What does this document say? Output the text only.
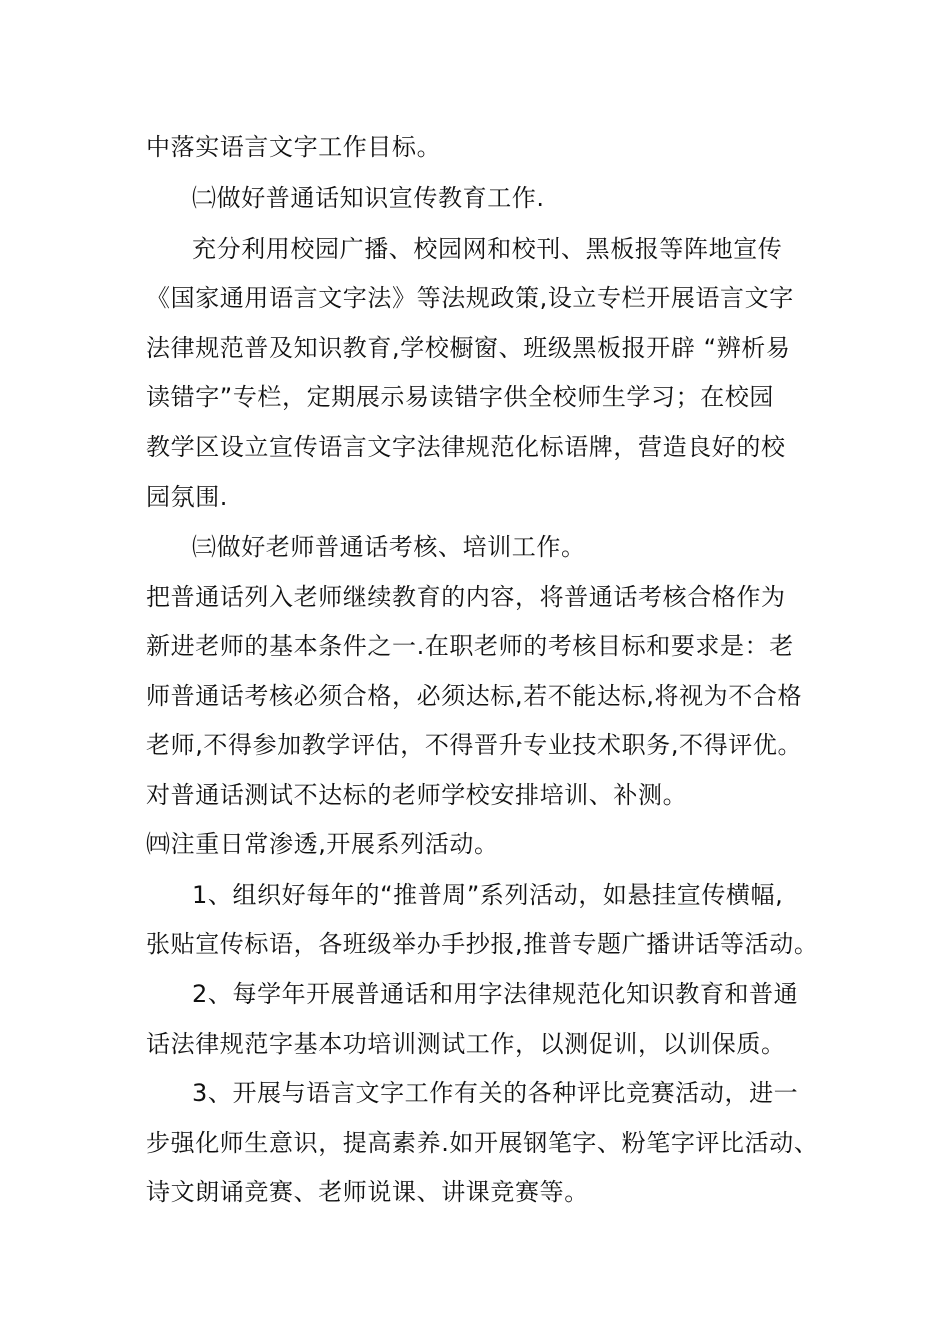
中落实语言文字工作目标。
㈡做好普通话知识宣传教育工作.
充分利用校园广播、校园网和校刊、黑板报等阵地宣传
《国家通用语言文字法》等法规政策,设立专栏开展语言文字
法律规范普及知识教育,学校橱窗、班级黑板报开辟 “辨析易
读错字”专栏，定期展示易读错字供全校师生学习；在校园
教学区设立宣传语言文字法律规范化标语牌，营造良好的校
园氛围.
㈢做好老师普通话考核、培训工作。
把普通话列入老师继续教育的内容，将普通话考核合格作为
新进老师的基本条件之一.在职老师的考核目标和要求是：老
师普通话考核必须合格，必须达标,若不能达标,将视为不合格
老师,不得参加教学评估，不得晋升专业技术职务,不得评优。
对普通话测试不达标的老师学校安排培训、补测。
㈣注重日常渗透,开展系列活动。
1、组织好每年的“推普周”系列活动，如悬挂宣传横幅,
张贴宣传标语，各班级举办手抄报,推普专题广播讲话等活动。
2、每学年开展普通话和用字法律规范化知识教育和普通
话法律规范字基本功培训测试工作，以测促训，以训保质。
3、开展与语言文字工作有关的各种评比竞赛活动，进一
步强化师生意识，提高素养.如开展钢笔字、粉笔字评比活动、
诗文朗诵竞赛、老师说课、讲课竞赛等。
